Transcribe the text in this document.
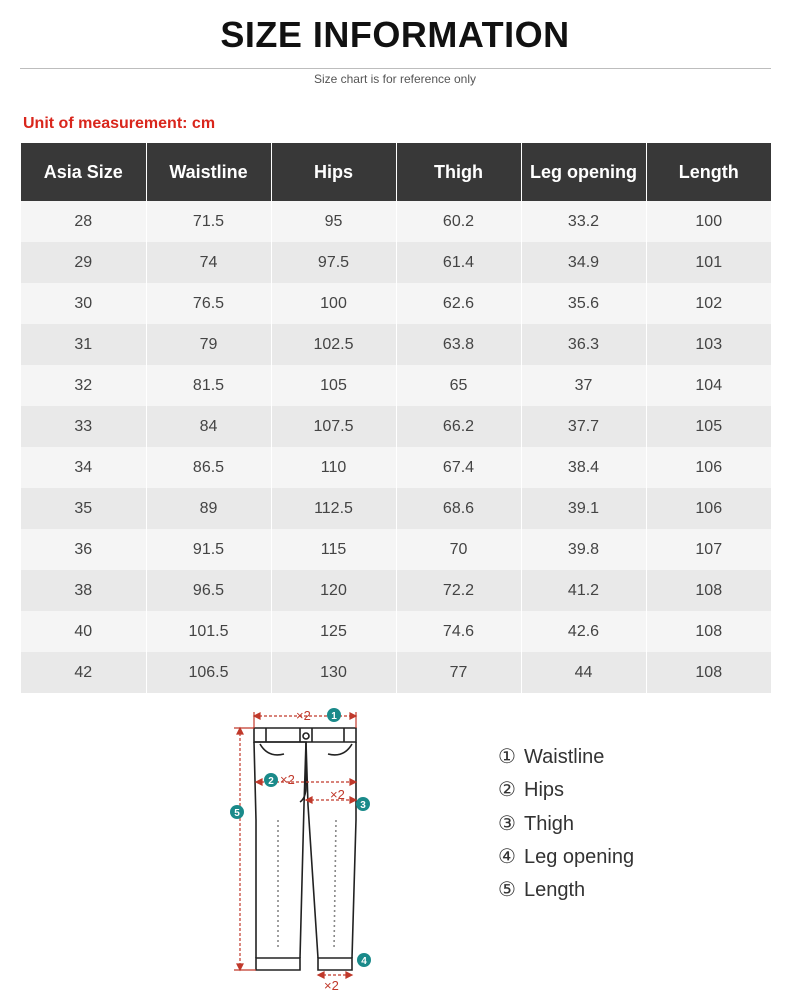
SIZE INFORMATION
Size chart is for reference only
Unit of measurement: cm
Asia Size	Waistline	Hips	Thigh	Leg opening	Length
28	71.5	95	60.2	33.2	100
29	74	97.5	61.4	34.9	101
30	76.5	100	62.6	35.6	102
31	79	102.5	63.8	36.3	103
32	81.5	105	65	37	104
33	84	107.5	66.2	37.7	105
34	86.5	110	67.4	38.4	106
35	89	112.5	68.6	39.1	106
36	91.5	115	70	39.8	107
38	96.5	120	72.2	41.2	108
40	101.5	125	74.6	42.6	108
42	106.5	130	77	44	108
×2
×2
×2
×2
1
2
3
4
5
① Waistline
② Hips
③ Thigh
④ Leg opening
⑤ Length
